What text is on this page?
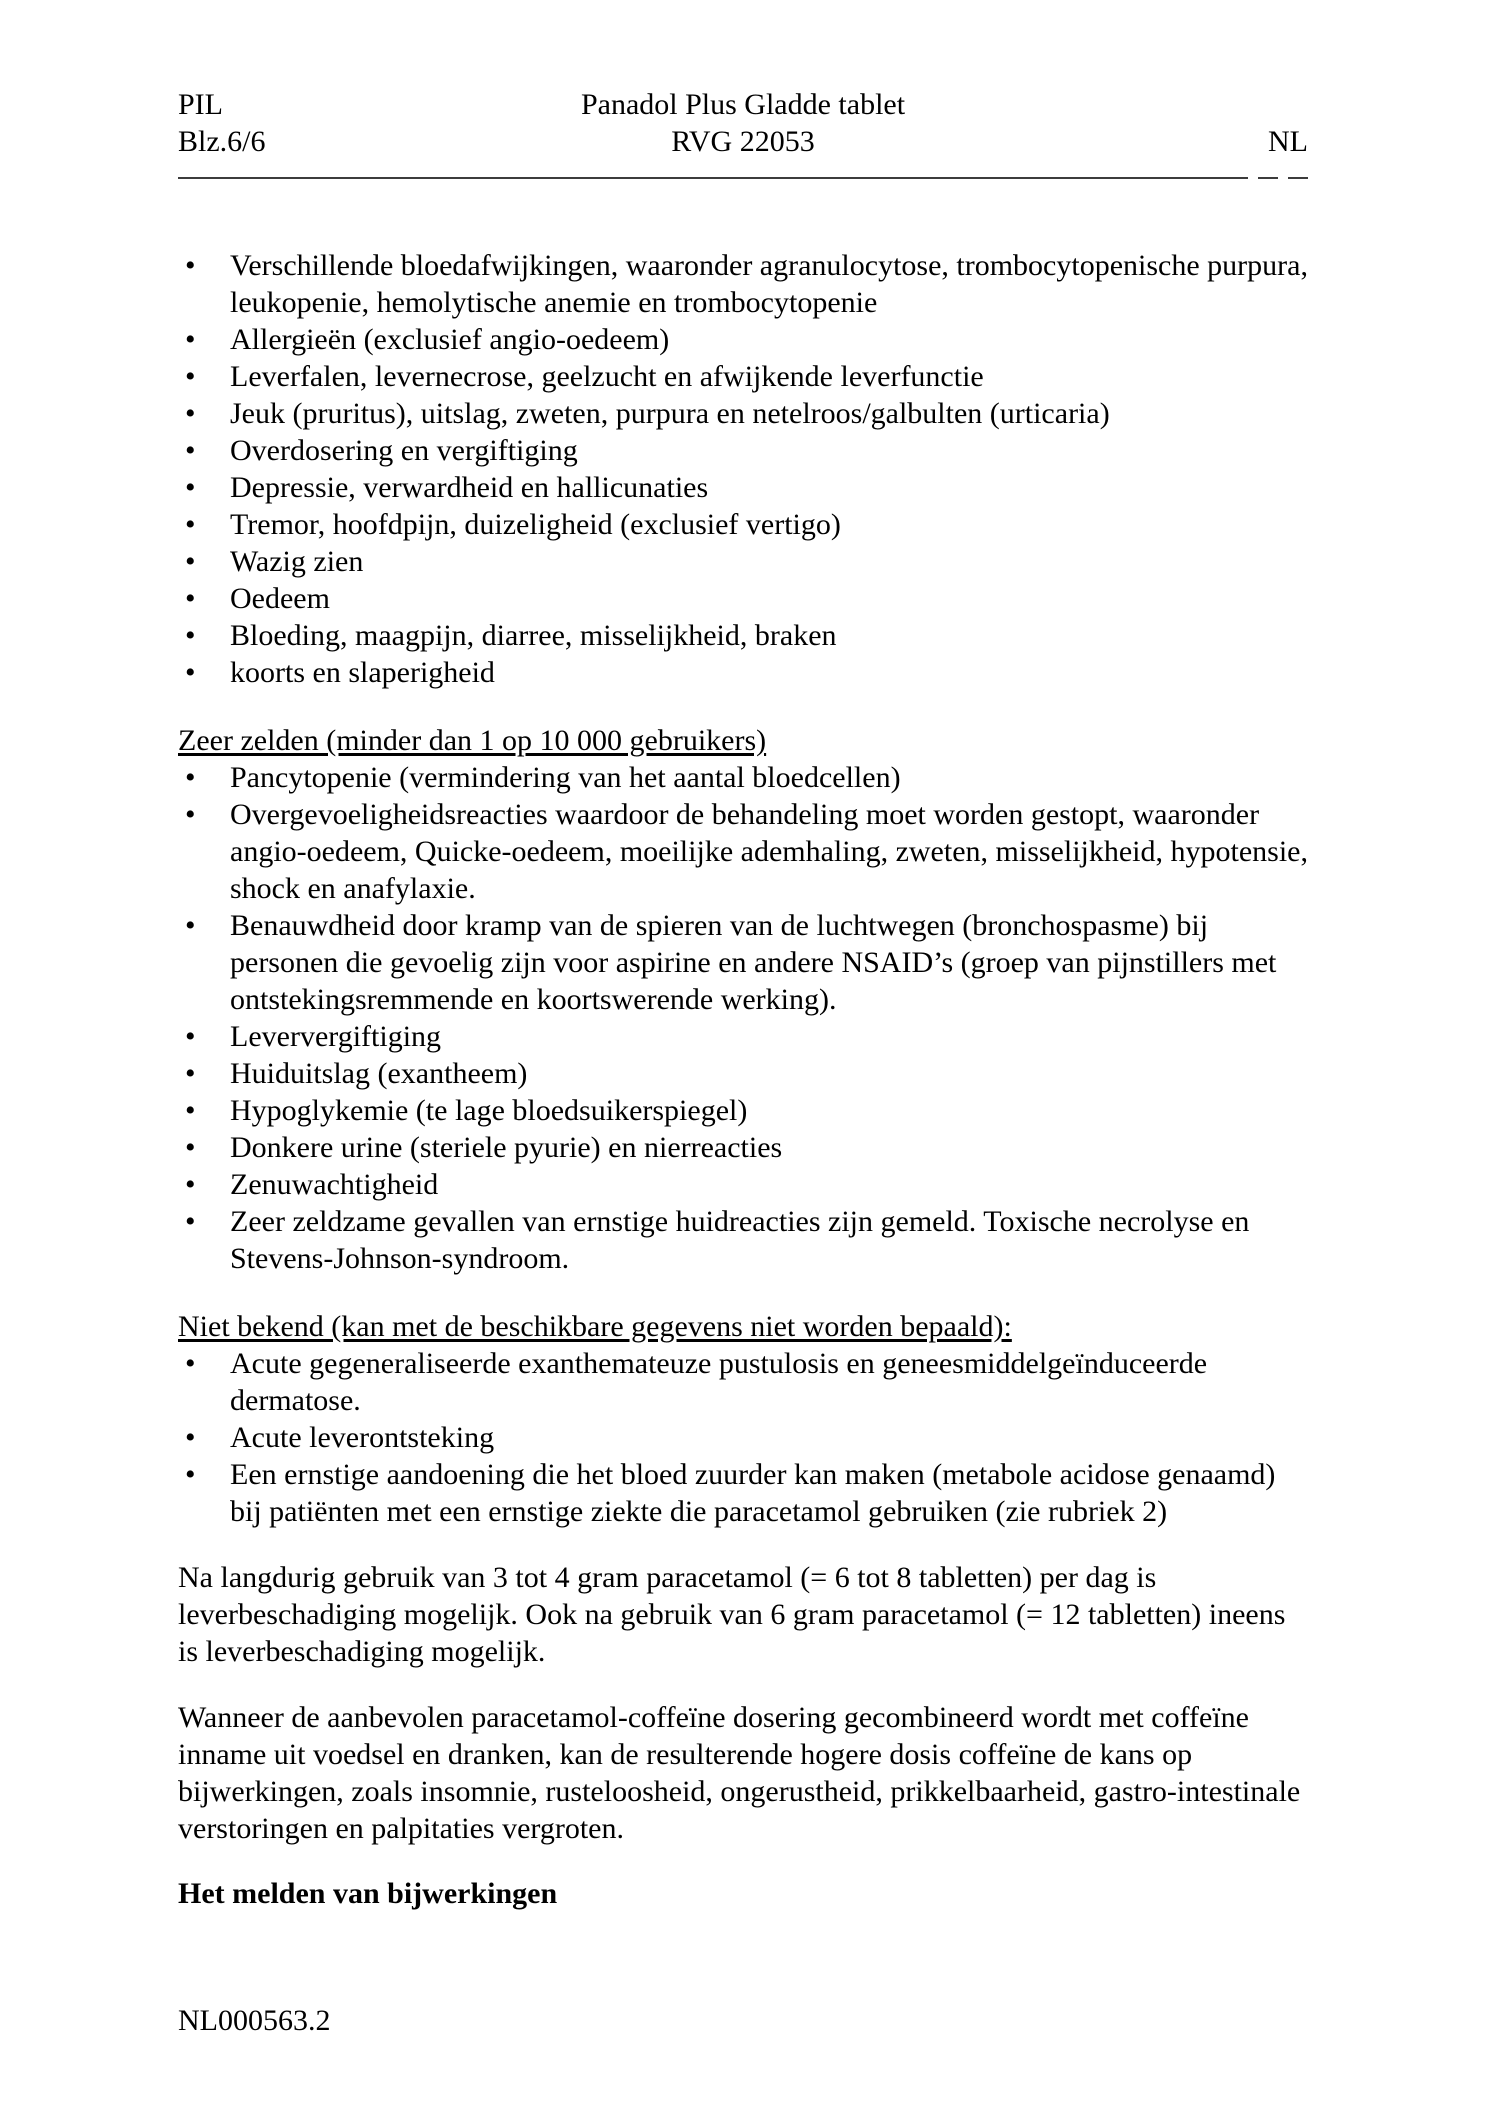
PIL	Panadol Plus Gladde tablet
Blz.6/6	RVG 22053	NL
•	Verschillende bloedafwijkingen, waaronder agranulocytose, trombocytopenische purpura, leukopenie, hemolytische anemie en trombocytopenie
•	Allergieën (exclusief angio-oedeem)
•	Leverfalen, levernecrose, geelzucht en afwijkende leverfunctie
•	Jeuk (pruritus), uitslag, zweten, purpura en netelroos/galbulten (urticaria)
•	Overdosering en vergiftiging
•	Depressie, verwardheid en hallicunaties
•	Tremor, hoofdpijn, duizeligheid (exclusief vertigo)
•	Wazig zien
•	Oedeem
•	Bloeding, maagpijn, diarree, misselijkheid, braken
•	koorts en slaperigheid
Zeer zelden (minder dan 1 op 10 000 gebruikers)
•	Pancytopenie (vermindering van het aantal bloedcellen)
•	Overgevoeligheidsreacties waardoor de behandeling moet worden gestopt, waaronder angio-oedeem, Quicke-oedeem, moeilijke ademhaling, zweten, misselijkheid, hypotensie, shock en anafylaxie.
•	Benauwdheid door kramp van de spieren van de luchtwegen (bronchospasme) bij personen die gevoelig zijn voor aspirine en andere NSAID’s (groep van pijnstillers met ontstekingsremmende en koortswerende werking).
•	Leververgiftiging
•	Huiduitslag (exantheem)
•	Hypoglykemie (te lage bloedsuikerspiegel)
•	Donkere urine (steriele pyurie) en nierreacties
•	Zenuwachtigheid
•	Zeer zeldzame gevallen van ernstige huidreacties zijn gemeld. Toxische necrolyse en Stevens-Johnson-syndroom.
Niet bekend (kan met de beschikbare gegevens niet worden bepaald):
•	Acute gegeneraliseerde exanthemateuze pustulosis en geneesmiddelgeïnduceerde dermatose.
•	Acute leverontsteking
•	Een ernstige aandoening die het bloed zuurder kan maken (metabole acidose genaamd) bij patiënten met een ernstige ziekte die paracetamol gebruiken (zie rubriek 2)

Na langdurig gebruik van 3 tot 4 gram paracetamol (= 6 tot 8 tabletten) per dag is leverbeschadiging mogelijk. Ook na gebruik van 6 gram paracetamol (= 12 tabletten) ineens is leverbeschadiging mogelijk.

Wanneer de aanbevolen paracetamol-coffeïne dosering gecombineerd wordt met coffeïne inname uit voedsel en dranken, kan de resulterende hogere dosis coffeïne de kans op bijwerkingen, zoals insomnie, rusteloosheid, ongerustheid, prikkelbaarheid, gastro-intestinale verstoringen en palpitaties vergroten.

Het melden van bijwerkingen
NL000563.2
